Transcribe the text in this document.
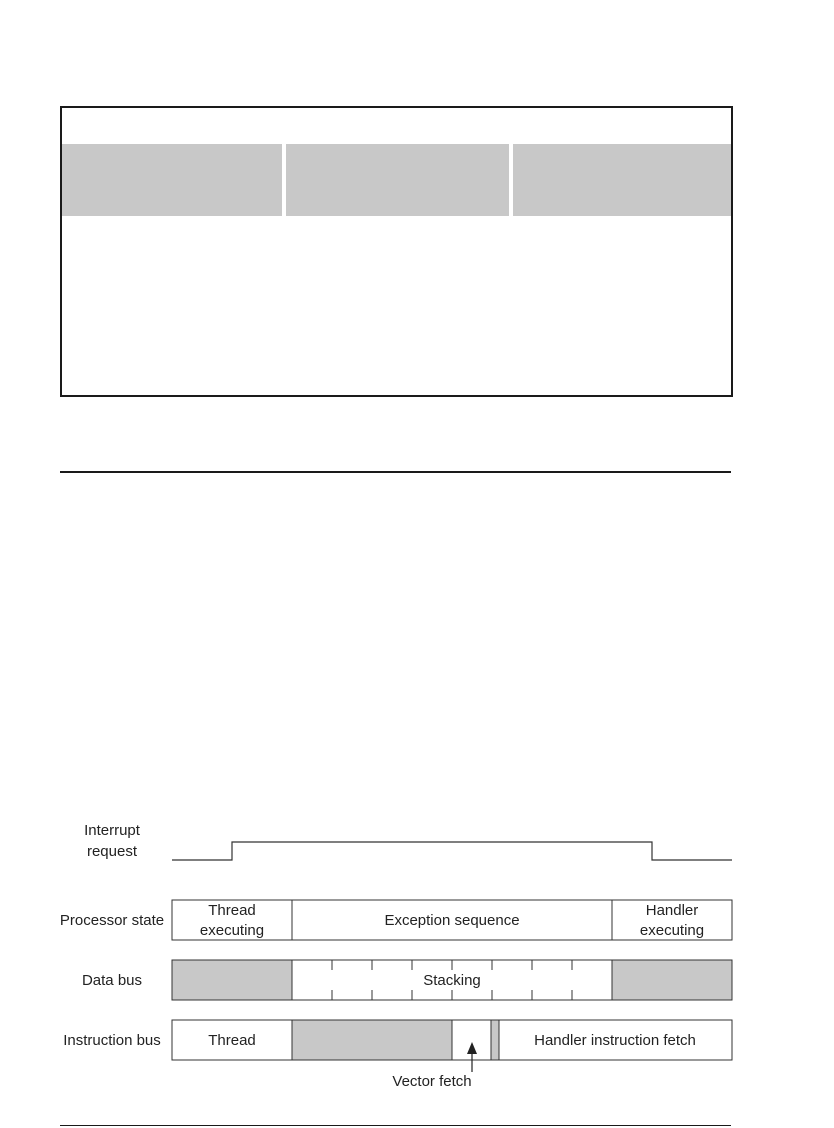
Interrupt
request
Processor state
Thread
executing
Exception sequence
Handler
executing
Data bus	Stacking
Instruction bus	Thread	Handler instruction fetch
Vector fetch
